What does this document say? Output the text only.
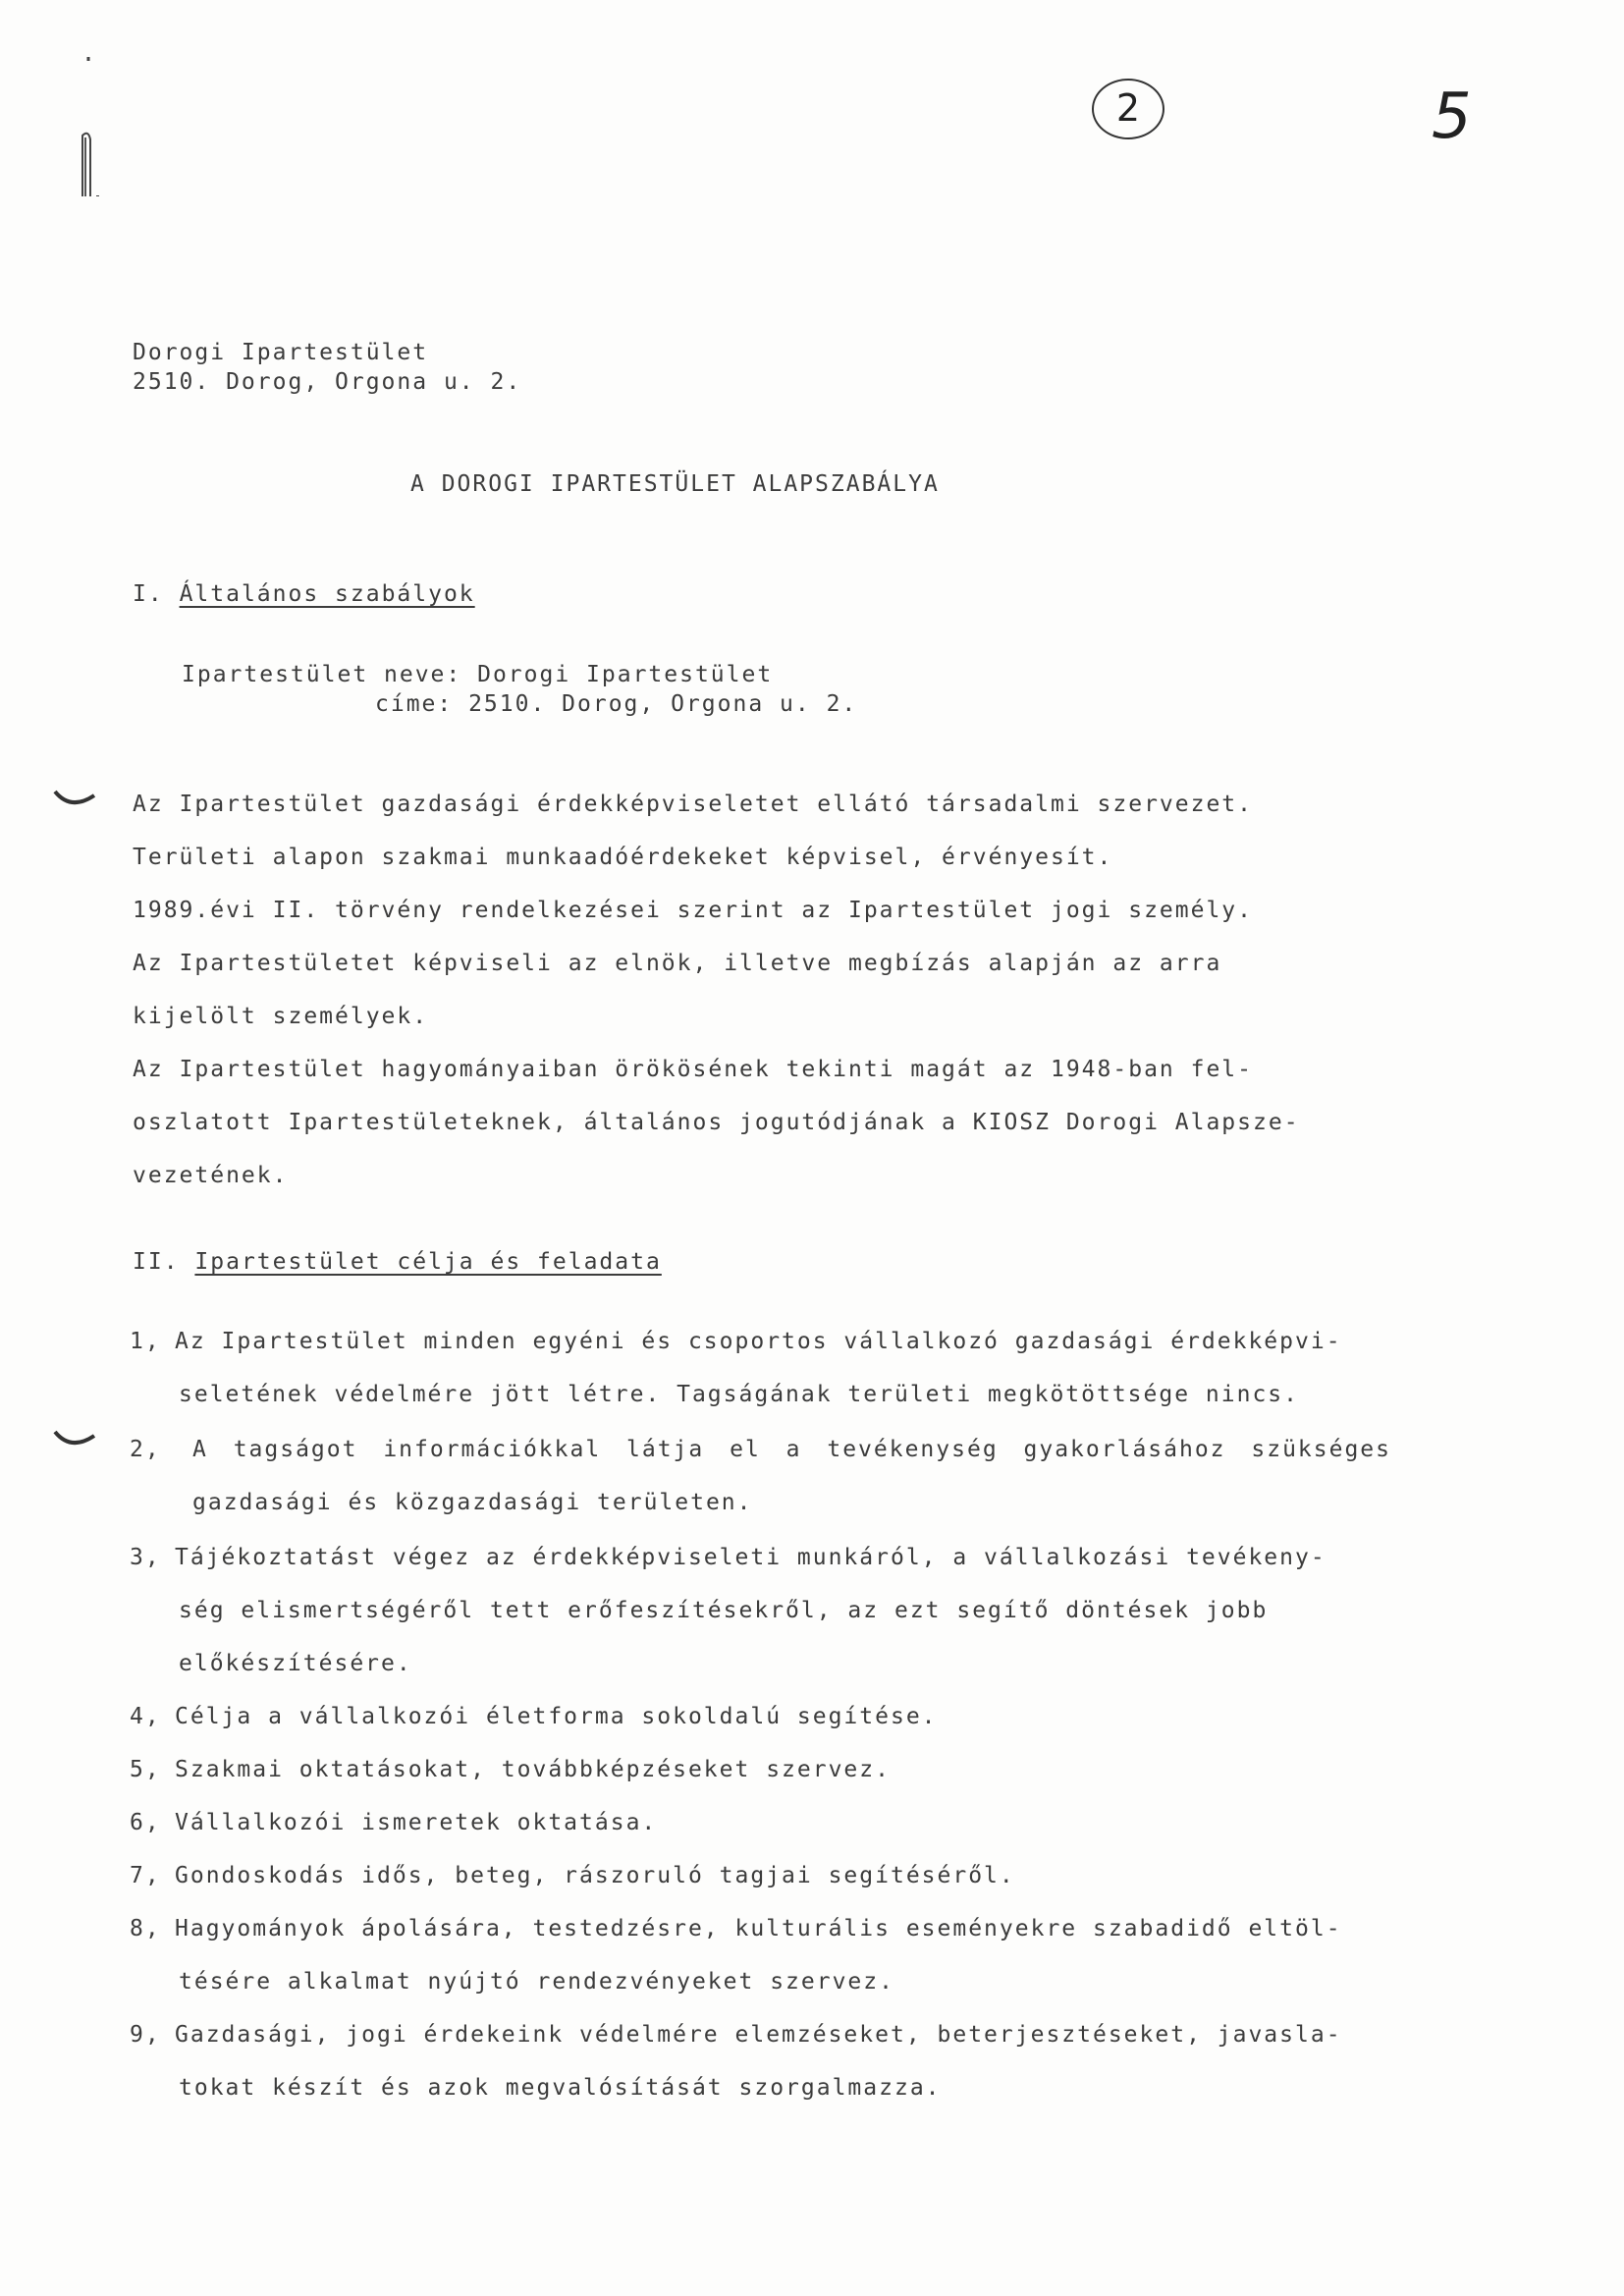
2	5
Dorogi Ipartestület
2510. Dorog, Orgona u. 2.
A DOROGI IPARTESTÜLET ALAPSZABÁLYA
I. Általános szabályok
Ipartestület neve: Dorogi Ipartestület
címe: 2510. Dorog, Orgona u. 2.
Az Ipartestület gazdasági érdekképviseletet ellátó társadalmi szervezet.
Területi alapon szakmai munkaadóérdekeket képvisel, érvényesít.
1989.évi II. törvény rendelkezései szerint az Ipartestület jogi személy.
Az Ipartestületet képviseli az elnök, illetve megbízás alapján az arra
kijelölt személyek.
Az Ipartestület hagyományaiban örökösének tekinti magát az 1948-ban fel-
oszlatott Ipartestületeknek, általános jogutódjának a KIOSZ Dorogi Alapsze-
vezetének.
II. Ipartestület célja és feladata
1, Az Ipartestület minden egyéni és csoportos vállalkozó gazdasági érdekképvi-
seletének védelmére jött létre. Tagságának területi megkötöttsége nincs.
2, A tagságot információkkal látja el a tevékenység gyakorlásához szükséges
gazdasági és közgazdasági területen.
3, Tájékoztatást végez az érdekképviseleti munkáról, a vállalkozási tevékeny-
ség elismertségéről tett erőfeszítésekről, az ezt segítő döntések jobb
előkészítésére.
4, Célja a vállalkozói életforma sokoldalú segítése.
5, Szakmai oktatásokat, továbbképzéseket szervez.
6, Vállalkozói ismeretek oktatása.
7, Gondoskodás idős, beteg, rászoruló tagjai segítéséről.
8, Hagyományok ápolására, testedzésre, kulturális eseményekre szabadidő eltöl-
tésére alkalmat nyújtó rendezvényeket szervez.
9, Gazdasági, jogi érdekeink védelmére elemzéseket, beterjesztéseket, javasla-
tokat készít és azok megvalósítását szorgalmazza.
